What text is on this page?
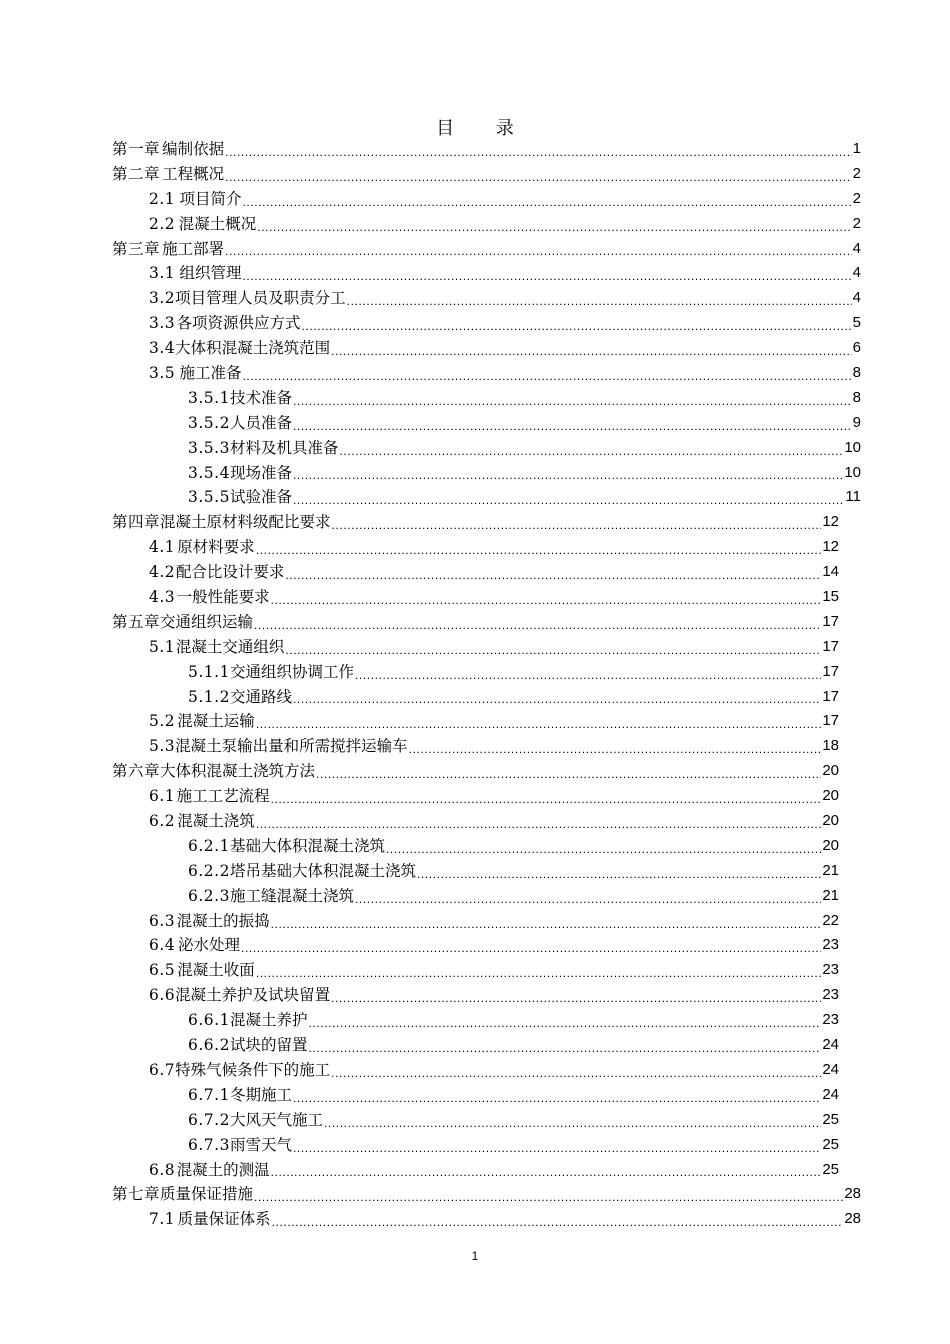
目 录
第一章 编制依据 .....	1
第二章 工程概况 .....	2
2.1 项目简介 .....	2
2.2 混凝土概况 .....	2
第三章 施工部署 .....	4
3.1 组织管理 .....	4
3.2 项目管理人员及职责分工 .....	4
3.3 各项资源供应方式 .....	5
3.4 大体积混凝土浇筑范围 .....	6
3.5 施工准备 .....	8
3.5.1 技术准备 .....	8
3.5.2 人员准备 .....	9
3.5.3 材料及机具准备 .....	10
3.5.4 现场准备 .....	10
3.5.5 试验准备 .....	11
第四章 混凝土原材料级配比要求 .....	12
4.1 原材料要求 .....	12
4.2 配合比设计要求 .....	14
4.3 一般性能要求 .....	15
第五章 交通组织运输 .....	17
5.1 混凝土交通组织 .....	17
5.1.1 交通组织协调工作 .....	17
5.1.2 交通路线 .....	17
5.2 混凝土运输 .....	17
5.3 混凝土泵输出量和所需搅拌运输车 .....	18
第六章 大体积混凝土浇筑方法 .....	20
6.1 施工工艺流程 .....	20
6.2 混凝土浇筑 .....	20
6.2.1 基础大体积混凝土浇筑 .....	20
6.2.2 塔吊基础大体积混凝土浇筑 .....	21
6.2.3 施工缝混凝土浇筑 .....	21
6.3 混凝土的振捣 .....	22
6.4 泌水处理 .....	23
6.5 混凝土收面 .....	23
6.6 混凝土养护及试块留置 .....	23
6.6.1 混凝土养护 .....	23
6.6.2 试块的留置 .....	24
6.7 特殊气候条件下的施工 .....	24
6.7.1 冬期施工 .....	24
6.7.2 大风天气施工 .....	25
6.7.3 雨雪天气 .....	25
6.8 混凝土的测温 .....	25
第七章 质量保证措施 .....	28
7.1 质量保证体系 .....	28
1
